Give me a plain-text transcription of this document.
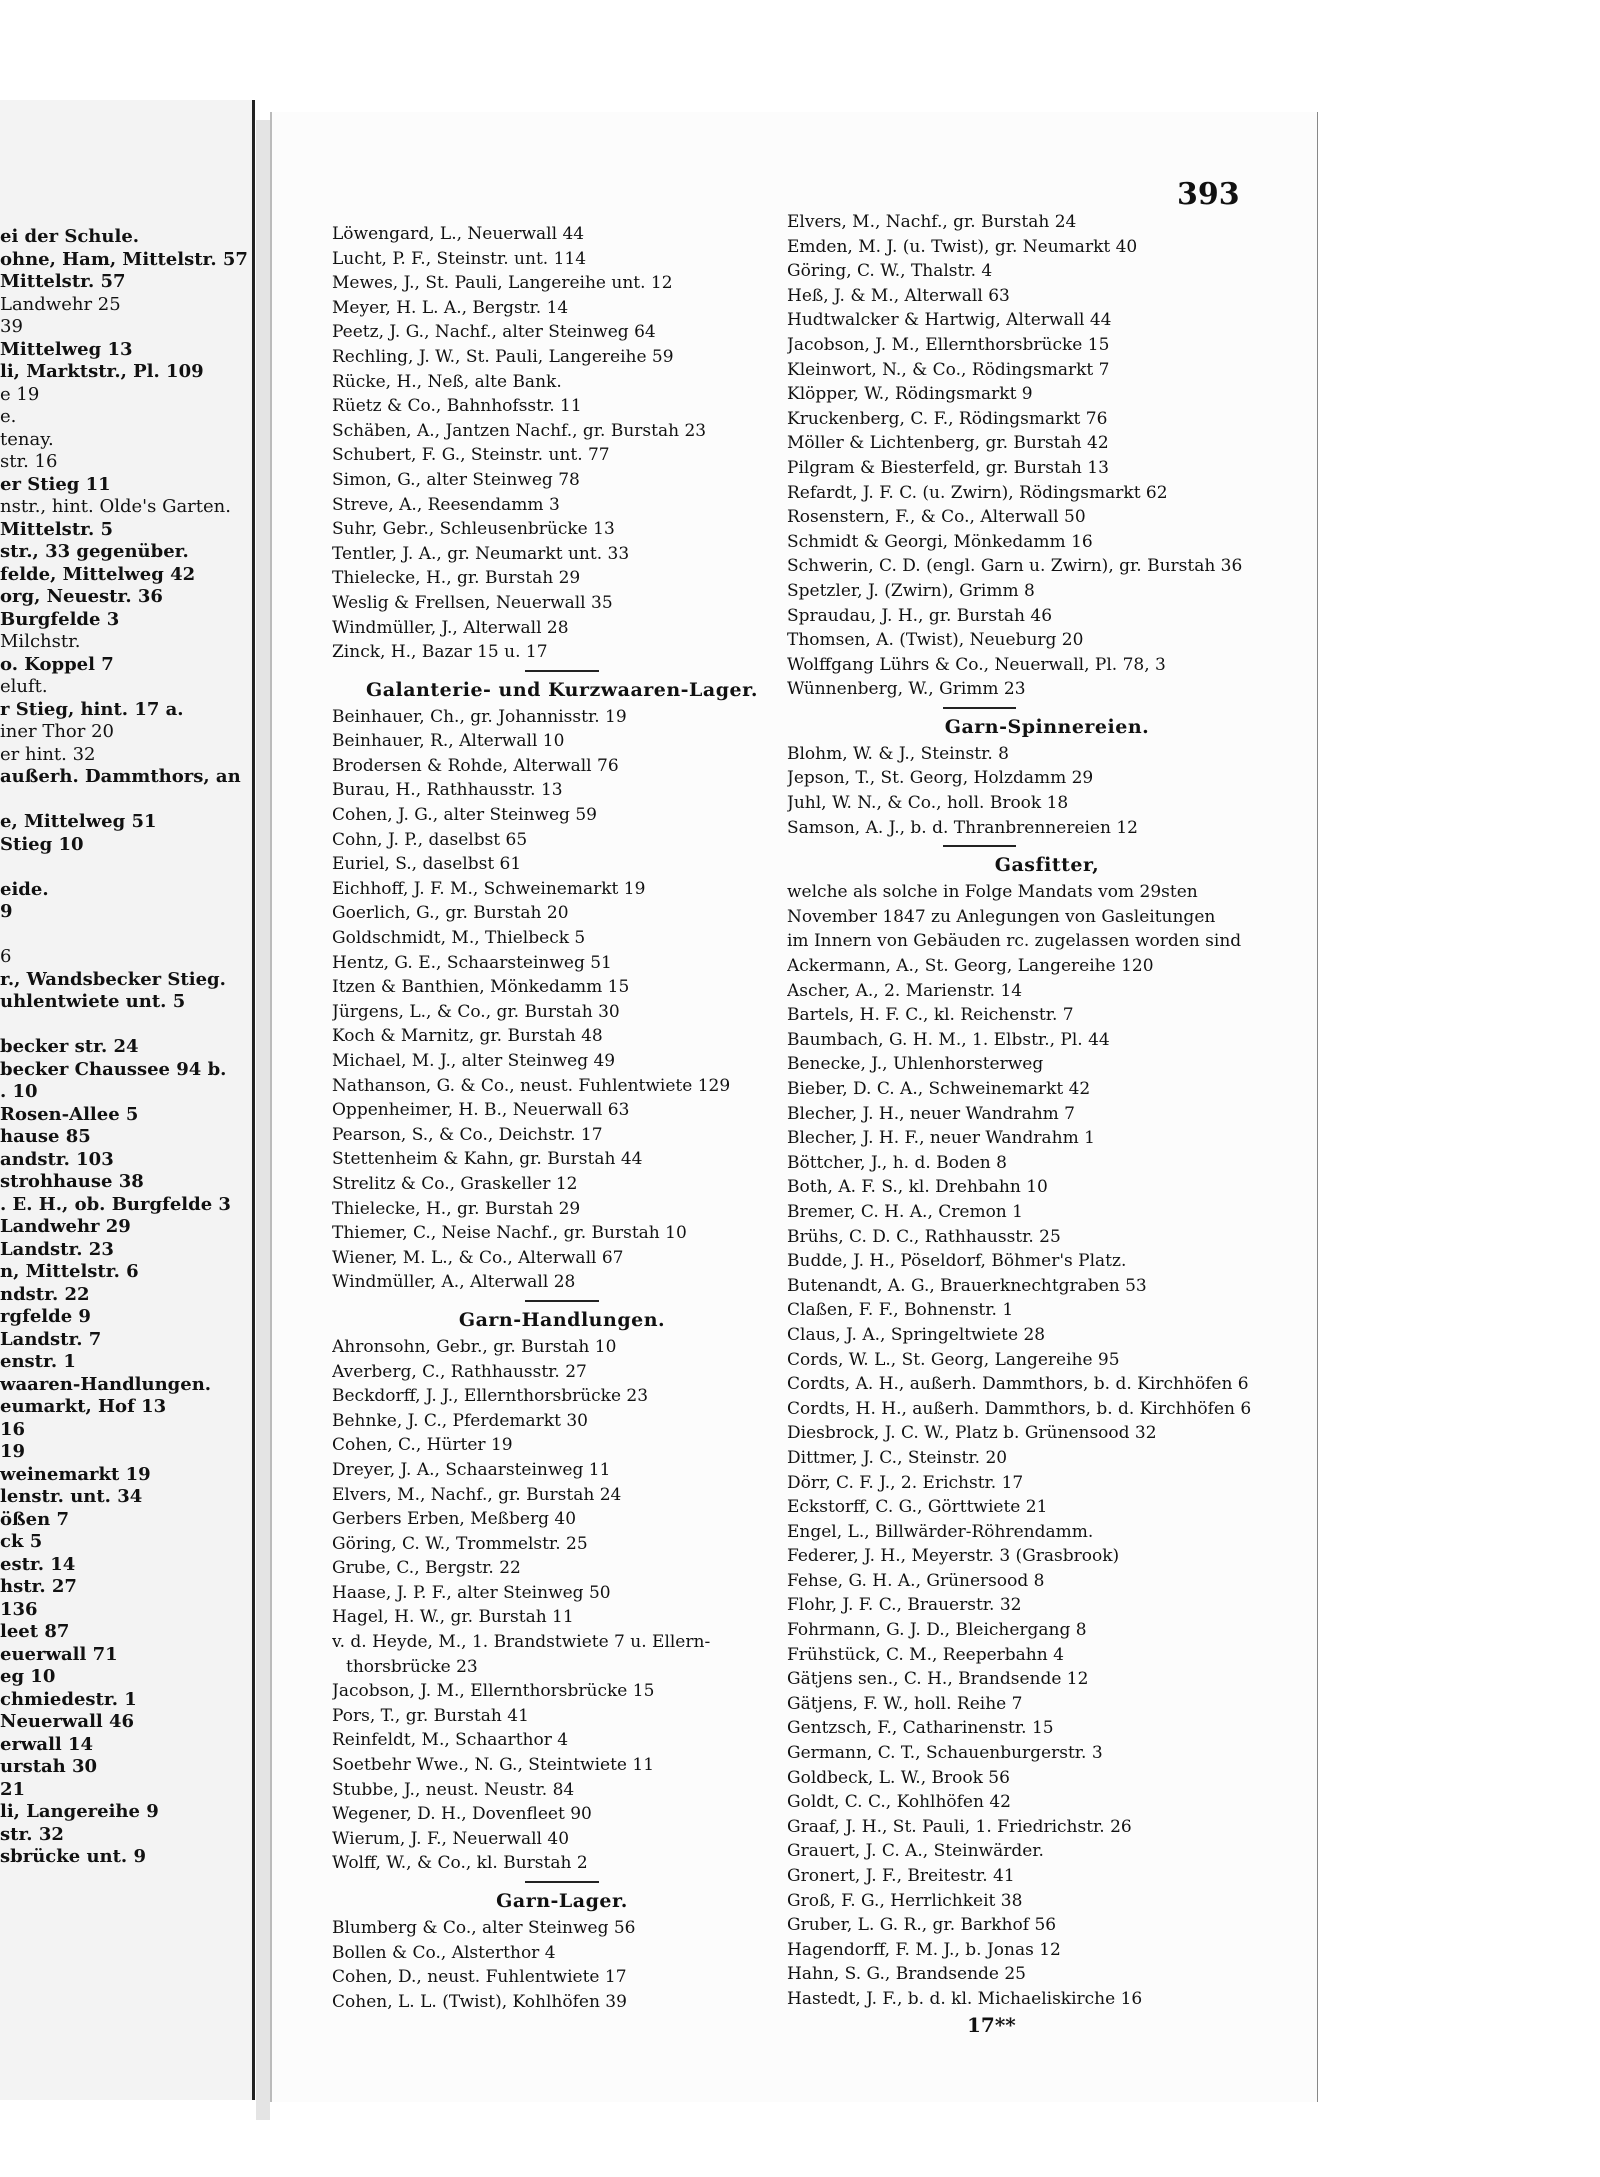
ei der Schule.
ohne, Ham, Mittelstr. 57
Mittelstr. 57
Landwehr 25
39
Mittelweg 13
li, Marktstr., Pl. 109
e 19
e.
tenay.
str. 16
er Stieg 11
nstr., hint. Olde's Garten.
Mittelstr. 5
str., 33 gegenüber.
felde, Mittelweg 42
org, Neuestr. 36
Burgfelde 3
Milchstr.
o. Koppel 7
eluft.
r Stieg, hint. 17 a.
iner Thor 20
er hint. 32
außerh. Dammthors, an
e, Mittelweg 51
Stieg 10
eide.
9
6
r., Wandsbecker Stieg.
uhlentwiete unt. 5
becker str. 24
becker Chaussee 94 b.
. 10
Rosen-Allee 5
hause 85
andstr. 103
strohhause 38
. E. H., ob. Burgfelde 3
Landwehr 29
Landstr. 23
n, Mittelstr. 6
ndstr. 22
rgfelde 9
Landstr. 7
enstr. 1
waaren-Handlungen.
eumarkt, Hof 13
16
19
weinemarkt 19
lenstr. unt. 34
ößen 7
ck 5
estr. 14
hstr. 27
136
leet 87
euerwall 71
eg 10
chmiedestr. 1
Neuerwall 46
erwall 14
urstah 30
21
li, Langereihe 9
str. 32
sbrücke unt. 9
393
Löwengard, L., Neuerwall 44
Lucht, P. F., Steinstr. unt. 114
Mewes, J., St. Pauli, Langereihe unt. 12
Meyer, H. L. A., Bergstr. 14
Peetz, J. G., Nachf., alter Steinweg 64
Rechling, J. W., St. Pauli, Langereihe 59
Rücke, H., Neß, alte Bank.
Rüetz & Co., Bahnhofsstr. 11
Schäben, A., Jantzen Nachf., gr. Burstah 23
Schubert, F. G., Steinstr. unt. 77
Simon, G., alter Steinweg 78
Streve, A., Reesendamm 3
Suhr, Gebr., Schleusenbrücke 13
Tentler, J. A., gr. Neumarkt unt. 33
Thielecke, H., gr. Burstah 29
Weslig & Frellsen, Neuerwall 35
Windmüller, J., Alterwall 28
Zinck, H., Bazar 15 u. 17
Galanterie- und Kurzwaaren-Lager.
Beinhauer, Ch., gr. Johannisstr. 19
Beinhauer, R., Alterwall 10
Brodersen & Rohde, Alterwall 76
Burau, H., Rathhausstr. 13
Cohen, J. G., alter Steinweg 59
Cohn, J. P., daselbst 65
Euriel, S., daselbst 61
Eichhoff, J. F. M., Schweinemarkt 19
Goerlich, G., gr. Burstah 20
Goldschmidt, M., Thielbeck 5
Hentz, G. E., Schaarsteinweg 51
Itzen & Banthien, Mönkedamm 15
Jürgens, L., & Co., gr. Burstah 30
Koch & Marnitz, gr. Burstah 48
Michael, M. J., alter Steinweg 49
Nathanson, G. & Co., neust. Fuhlentwiete 129
Oppenheimer, H. B., Neuerwall 63
Pearson, S., & Co., Deichstr. 17
Stettenheim & Kahn, gr. Burstah 44
Strelitz & Co., Graskeller 12
Thielecke, H., gr. Burstah 29
Thiemer, C., Neise Nachf., gr. Burstah 10
Wiener, M. L., & Co., Alterwall 67
Windmüller, A., Alterwall 28
Garn-Handlungen.
Ahronsohn, Gebr., gr. Burstah 10
Averberg, C., Rathhausstr. 27
Beckdorff, J. J., Ellernthorsbrücke 23
Behnke, J. C., Pferdemarkt 30
Cohen, C., Hürter 19
Dreyer, J. A., Schaarsteinweg 11
Elvers, M., Nachf., gr. Burstah 24
Gerbers Erben, Meßberg 40
Göring, C. W., Trommelstr. 25
Grube, C., Bergstr. 22
Haase, J. P. F., alter Steinweg 50
Hagel, H. W., gr. Burstah 11
v. d. Heyde, M., 1. Brandstwiete 7 u. Ellern-
thorsbrücke 23
Jacobson, J. M., Ellernthorsbrücke 15
Pors, T., gr. Burstah 41
Reinfeldt, M., Schaarthor 4
Soetbehr Wwe., N. G., Steintwiete 11
Stubbe, J., neust. Neustr. 84
Wegener, D. H., Dovenfleet 90
Wierum, J. F., Neuerwall 40
Wolff, W., & Co., kl. Burstah 2
Garn-Lager.
Blumberg & Co., alter Steinweg 56
Bollen & Co., Alsterthor 4
Cohen, D., neust. Fuhlentwiete 17
Cohen, L. L. (Twist), Kohlhöfen 39
Elvers, M., Nachf., gr. Burstah 24
Emden, M. J. (u. Twist), gr. Neumarkt 40
Göring, C. W., Thalstr. 4
Heß, J. & M., Alterwall 63
Hudtwalcker & Hartwig, Alterwall 44
Jacobson, J. M., Ellernthorsbrücke 15
Kleinwort, N., & Co., Rödingsmarkt 7
Klöpper, W., Rödingsmarkt 9
Kruckenberg, C. F., Rödingsmarkt 76
Möller & Lichtenberg, gr. Burstah 42
Pilgram & Biesterfeld, gr. Burstah 13
Refardt, J. F. C. (u. Zwirn), Rödingsmarkt 62
Rosenstern, F., & Co., Alterwall 50
Schmidt & Georgi, Mönkedamm 16
Schwerin, C. D. (engl. Garn u. Zwirn), gr. Burstah 36
Spetzler, J. (Zwirn), Grimm 8
Spraudau, J. H., gr. Burstah 46
Thomsen, A. (Twist), Neueburg 20
Wolffgang Lührs & Co., Neuerwall, Pl. 78, 3
Wünnenberg, W., Grimm 23
Garn-Spinnereien.
Blohm, W. & J., Steinstr. 8
Jepson, T., St. Georg, Holzdamm 29
Juhl, W. N., & Co., holl. Brook 18
Samson, A. J., b. d. Thranbrennereien 12
Gasfitter,
welche als solche in Folge Mandats vom 29sten
November 1847 zu Anlegungen von Gasleitungen
im Innern von Gebäuden rc. zugelassen worden sind
Ackermann, A., St. Georg, Langereihe 120
Ascher, A., 2. Marienstr. 14
Bartels, H. F. C., kl. Reichenstr. 7
Baumbach, G. H. M., 1. Elbstr., Pl. 44
Benecke, J., Uhlenhorsterweg
Bieber, D. C. A., Schweinemarkt 42
Blecher, J. H., neuer Wandrahm 7
Blecher, J. H. F., neuer Wandrahm 1
Böttcher, J., h. d. Boden 8
Both, A. F. S., kl. Drehbahn 10
Bremer, C. H. A., Cremon 1
Brühs, C. D. C., Rathhausstr. 25
Budde, J. H., Pöseldorf, Böhmer's Platz.
Butenandt, A. G., Brauerknechtgraben 53
Claßen, F. F., Bohnenstr. 1
Claus, J. A., Springeltwiete 28
Cords, W. L., St. Georg, Langereihe 95
Cordts, A. H., außerh. Dammthors, b. d. Kirchhöfen 6
Cordts, H. H., außerh. Dammthors, b. d. Kirchhöfen 6
Diesbrock, J. C. W., Platz b. Grünensood 32
Dittmer, J. C., Steinstr. 20
Dörr, C. F. J., 2. Erichstr. 17
Eckstorff, C. G., Görttwiete 21
Engel, L., Billwärder-Röhrendamm.
Federer, J. H., Meyerstr. 3 (Grasbrook)
Fehse, G. H. A., Grünersood 8
Flohr, J. F. C., Brauerstr. 32
Fohrmann, G. J. D., Bleichergang 8
Frühstück, C. M., Reeperbahn 4
Gätjens sen., C. H., Brandsende 12
Gätjens, F. W., holl. Reihe 7
Gentzsch, F., Catharinenstr. 15
Germann, C. T., Schauenburgerstr. 3
Goldbeck, L. W., Brook 56
Goldt, C. C., Kohlhöfen 42
Graaf, J. H., St. Pauli, 1. Friedrichstr. 26
Grauert, J. C. A., Steinwärder.
Gronert, J. F., Breitestr. 41
Groß, F. G., Herrlichkeit 38
Gruber, L. G. R., gr. Barkhof 56
Hagendorff, F. M. J., b. Jonas 12
Hahn, S. G., Brandsende 25
Hastedt, J. F., b. d. kl. Michaeliskirche 16
17**
